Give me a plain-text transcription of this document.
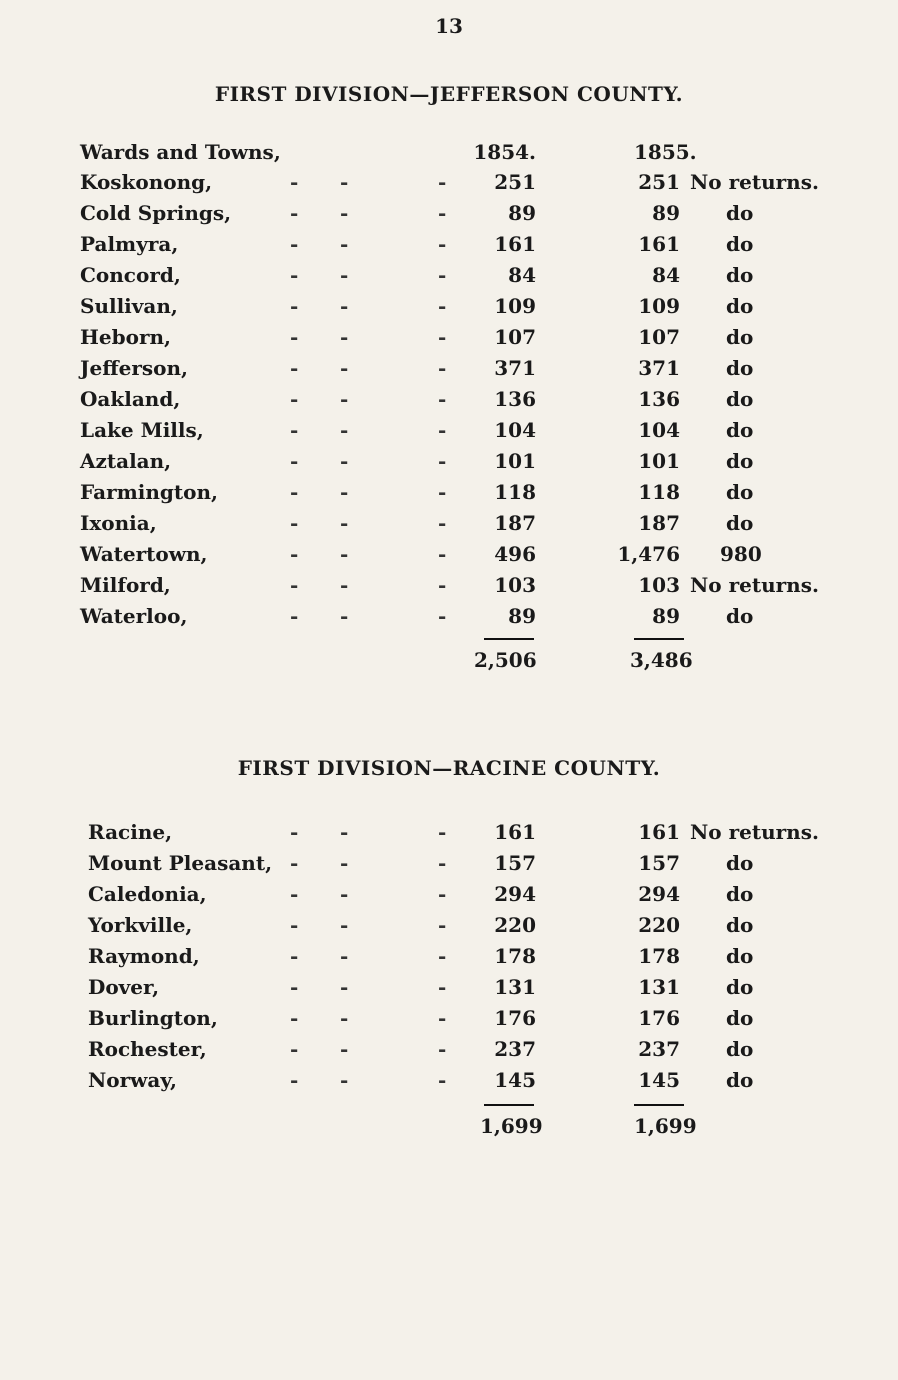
13
FIRST DIVISION—JEFFERSON COUNTY.
Wards and Towns,	1854.	1855.
Koskonong,	- -	- 251	251 No returns.
Cold Springs,	- -	-	89	89 do
Palmyra,	- -	- 161	161 do
Concord,	- -	-	84	84 do
Sullivan,	- -	- 109	109 do
Heborn,	- -	- 107	107 do
Jefferson,	- -	- 371	371 do
Oakland,	- -	- 136	136 do
Lake Mills,	- -	- 104	104 do
Aztalan,	- -	- 101	101 do
Farmington,	- -	- 118	118 do
Ixonia,	- -	- 187	187 do
Watertown,	- -	- 496	1,476 980
Milford,	- -	- 103	103 No returns.
Waterloo,	- -	-	89	89 do
2,506	3,486
FIRST DIVISION—RACINE COUNTY.
Racine,	- -	- 161	161 No returns.
Mount Pleasant, - -	- 157	157 do
Caledonia,	- -	- 294	294 do
Yorkville,	- -	- 220	220 do
Raymond,	- -	- 178	178 do
Dover,	- -	- 131	131 do
Burlington,	- -	- 176	176 do
Rochester,	- -	- 237	237 do
Norway,	- -	- 145	145 do
1,699	1,699
